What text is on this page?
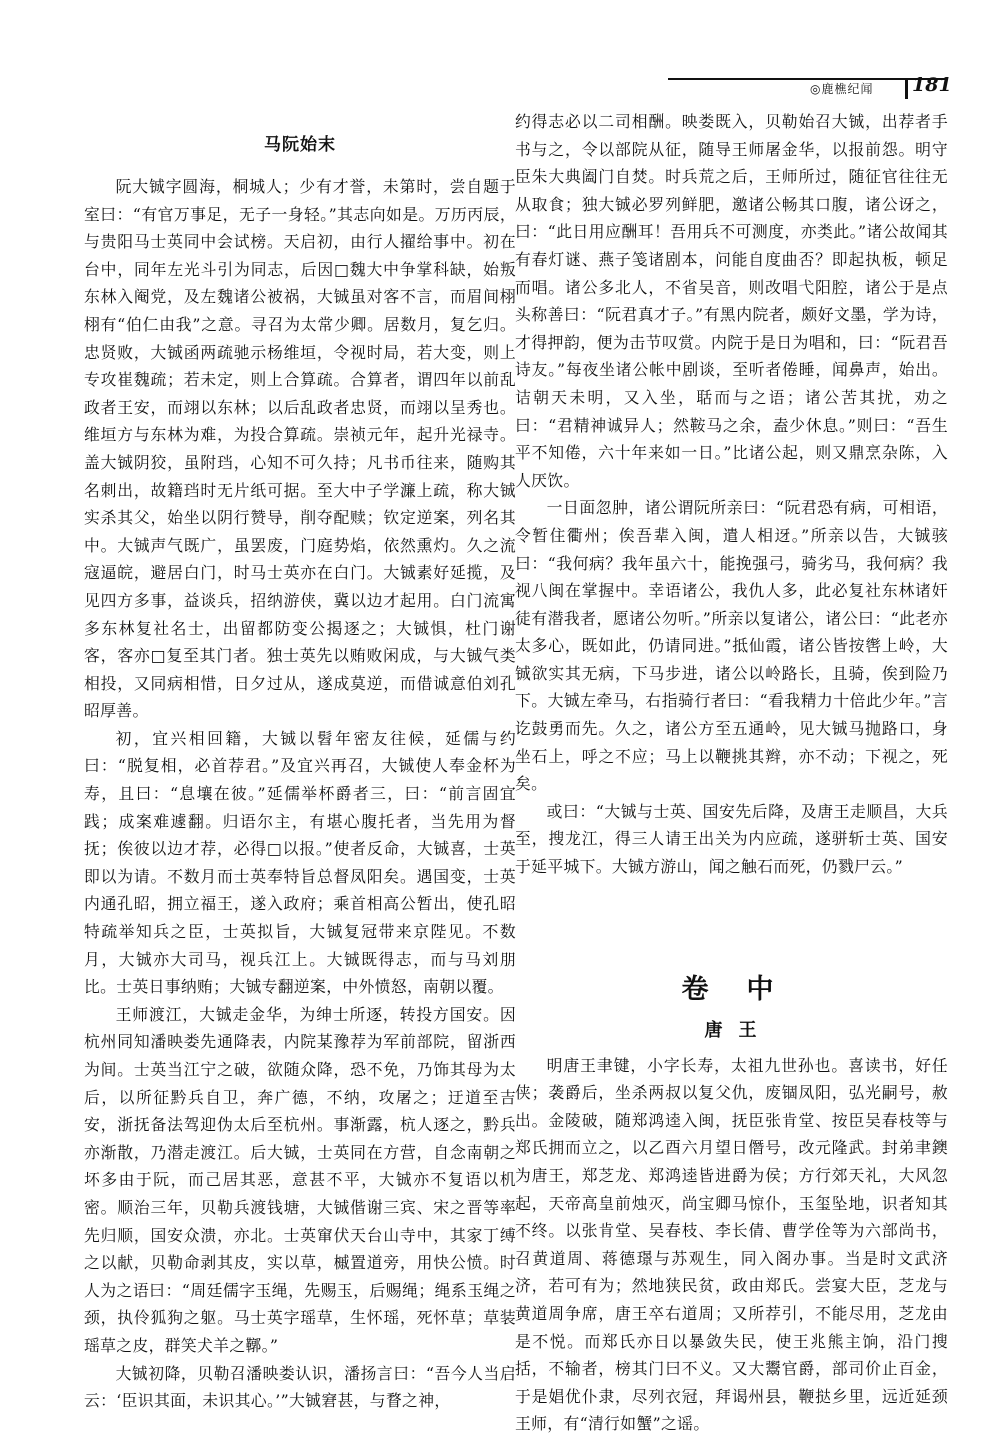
◎鹿樵纪闻 181
马阮始末

阮大铖字圆海，桐城人；少有才誉，未第时，尝自题于室曰：“有官万事足，无子一身轻。”其志向如是。万历丙辰，与贵阳马士英同中会试榜。天启初，由行人擢给事中。初在台中，同年左光斗引为同志，后因□魏大中争掌科缺，始叛东林入阉党，及左魏诸公被祸，大铖虽对客不言，而眉间栩栩有“伯仁由我”之意。寻召为太常少卿。居数月，复乞归。忠贤败，大铖函两疏驰示杨维垣，令视时局，若大变，则上专攻崔魏疏；若未定，则上合算疏。合算者，谓四年以前乱政者王安，而翊以东林；以后乱政者忠贤，而翊以呈秀也。维垣方与东林为难，为投合算疏。崇祯元年，起升光禄寺。盖大铖阴狡，虽附珰，心知不可久持；凡书币往来，随购其名刺出，故籍珰时无片纸可据。至大中子学濂上疏，称大铖实杀其父，始坐以阴行赞导，削夺配赎；钦定逆案，列名其中。大铖声气既广，虽罢废，门庭势焰，依然熏灼。久之流寇逼皖，避居白门，时马士英亦在白门。大铖素好延揽，及见四方多事，益谈兵，招纳游侠，冀以边才起用。白门流寓多东林复社名士，出留都防变公揭逐之；大铖惧，杜门谢客，客亦□复至其门者。独士英先以贿败闲成，与大铖气类相投，又同病相惜，日夕过从，遂成莫逆，而借诚意伯刘孔昭厚善。

初，宜兴相回籍，大铖以髫年密友往候，延儒与约曰：“脱复相，必首荐君。”及宜兴再召，大铖使人奉金杯为寿，且曰：“息壤在彼。”延儒举杯爵者三，曰：“前言固宜践；成案难遽翻。归语尔主，有堪心腹托者，当先用为督抚；俟彼以边才荐，必得□以报。”使者反命，大铖喜，士英即以为请。不数月而士英奉特旨总督凤阳矣。遇国变，士英内通孔昭，拥立福王，遂入政府；乘首相高公暂出，使孔昭特疏举知兵之臣，士英拟旨，大铖复冠带来京陛见。不数月，大铖亦大司马，视兵江上。大铖既得志，而与马刘朋比。士英日事纳贿；大铖专翻逆案，中外愤怒，南朝以覆。

王师渡江，大铖走金华，为绅士所逐，转投方国安。因杭州同知潘映娄先通降表，内院某豫荐为军前部院，留浙西为间。士英当江宁之破，欲随众降，恐不免，乃饰其母为太后，以所征黔兵自卫，奔广德，不纳，攻屠之；迂道至吉安，浙抚备法驾迎伪太后至杭州。事渐露，杭人逐之，黔兵亦渐散，乃潜走渡江。后大铖，士英同在方营，自念南朝之坏多由于阮，而己居其恶，意甚不平，大铖亦不复语以机密。顺治三年，贝勒兵渡钱塘，大铖偕谢三宾、宋之晋等率先归顺，国安众溃，亦北。士英窜伏天台山寺中，其家丁缚之以献，贝勒命剥其皮，实以草，槭置道旁，用快公愤。时人为之语曰：“周廷儒字玉绳，先赐玉，后赐绳；绳系玉绳之颈，执伶狐狗之躯。马士英字瑶草，生怀瑶，死怀草；草装瑶草之皮，群笑犬羊之鞹。”

大铖初降，贝勒召潘映娄认识，潘扬言曰：“吾今人当启云：‘臣识其面，未识其心。’”大铖窘甚，与瞀之神，

约得志必以二司相酬。映娄既入，贝勒始召大铖，出荐者手书与之，令以部院从征，随导王师屠金华，以报前怨。明守臣朱大典阖门自焚。时兵荒之后，王师所过，随征官往往无从取食；独大铖必罗列鲜肥，邀诸公畅其口腹，诸公讶之，曰：“此日用应酬耳！吾用兵不可测度，亦类此。”诸公故闻其有春灯谜、燕子笺诸剧本，问能自度曲否？即起执板，顿足而唱。诸公多北人，不省吴音，则改唱弋阳腔，诸公于是点头称善曰：“阮君真才子。”有黑内院者，颇好文墨，学为诗，才得押韵，便为击节叹赏。内院于是日为唱和，曰：“阮君吾诗友。”每夜坐诸公帐中剧谈，至听者倦睡，闻鼻声，始出。诘朝天未明，又入坐，聒而与之语；诸公苦其扰，劝之曰：“君精神诚异人；然鞍马之余，盍少休息。”则曰：“吾生平不知倦，六十年来如一日。”比诸公起，则又鼎烹杂陈，入人厌饮。

一日面忽肿，诸公谓阮所亲曰：“阮君恐有病，可相语，令暂住衢州；俟吾辈入闽，遣人相迓。”所亲以告，大铖骇曰：“我何病？我年虽六十，能挽强弓，骑劣马，我何病？我视八闽在掌握中。幸语诸公，我仇人多，此必复社东林诸奸徒有潜我者，愿诸公勿听。”所亲以复诸公，诸公曰：“此老亦太多心，既如此，仍请同进。”抵仙霞，诸公皆按辔上岭，大铖欲实其无病，下马步进，诸公以岭路长，且骑，俟到险乃下。大铖左牵马，右指骑行者曰：“看我精力十倍此少年。”言讫鼓勇而先。久之，诸公方至五通岭，见大铖马抛路口，身坐石上，呼之不应；马上以鞭挑其辫，亦不动；下视之，死矣。

或曰：“大铖与士英、国安先后降，及唐王走顺昌，大兵至，搜龙江，得三人请王出关为内应疏，遂骈斩士英、国安于延平城下。大铖方游山，闻之触石而死，仍戮尸云。”

卷中
唐王

明唐王聿键，小字长寿，太祖九世孙也。喜读书，好任侠；袭爵后，坐杀两叔以复父仇，废锢凤阳，弘光嗣号，赦出。金陵破，随郑鸿逵入闽，抚臣张肯堂、按臣吴春枝等与郑氏拥而立之，以乙酉六月望日僭号，改元隆武。封弟聿鐭为唐王，郑芝龙、郑鸿逵皆进爵为侯；方行郊天礼，大风忽起，天帝高皇前烛灭，尚宝卿马惊仆，玉玺坠地，识者知其不终。以张肯堂、吴春枝、李长倩、曹学佺等为六部尚书，召黄道周、蒋德璟与苏观生，同入阁办事。当是时文武济济，若可有为；然地狭民贫，政由郑氏。尝宴大臣，芝龙与黄道周争席，唐王卒右道周；又所荐引，不能尽用，芝龙由是不悦。而郑氏亦日以暴敛失民，使王兆熊主饷，沿门搜括，不输者，榜其门曰不义。又大鬻官爵，部司价止百金，于是娼优仆隶，尽列衣冠，拜谒州县，鞭挞乡里，远近延颈王师，有“清行如蟹”之谣。
